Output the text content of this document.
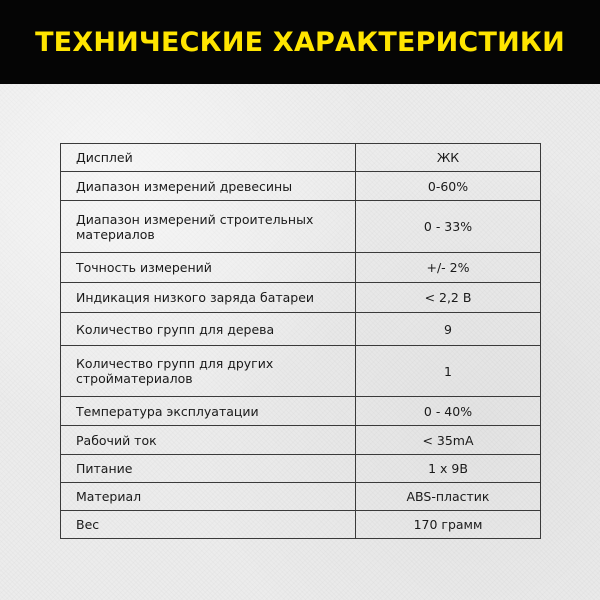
ТЕХНИЧЕСКИЕ ХАРАКТЕРИСТИКИ
Дисплей	ЖК
Диапазон измерений древесины	0-60%
Диапазон измерений строительных материалов	0 - 33%
Точность измерений	+/- 2%
Индикация низкого заряда батареи	< 2,2 В
Количество групп для дерева	9
Количество групп для других стройматериалов	1
Температура эксплуатации	0 - 40%
Рабочий ток	< 35mA
Питание	1 x 9B
Материал	ABS-пластик
Вес	170 грамм
